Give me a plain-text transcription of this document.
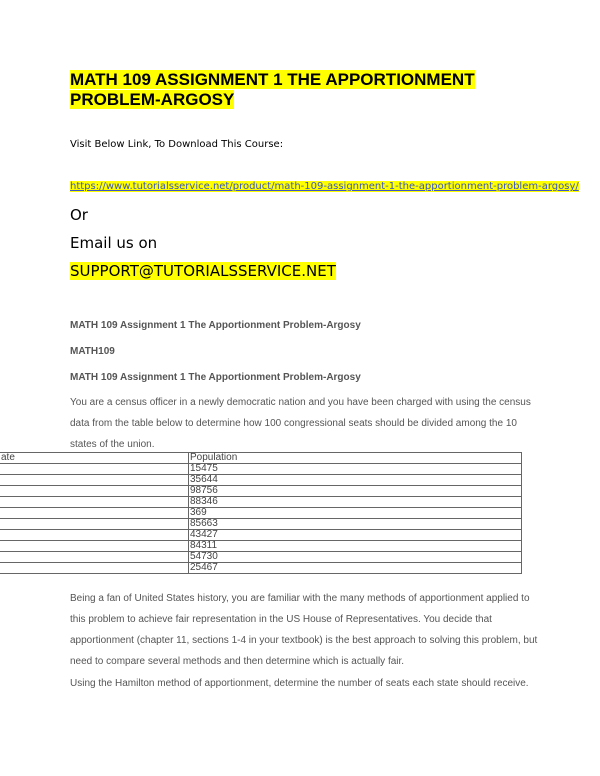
MATH 109 ASSIGNMENT 1 THE APPORTIONMENT PROBLEM-ARGOSY
Visit Below Link, To Download This Course:
https://www.tutorialsservice.net/product/math-109-assignment-1-the-apportionment-problem-argosy/
Or
Email us on
SUPPORT@TUTORIALSSERVICE.NET
MATH 109 Assignment 1 The Apportionment Problem-Argosy
MATH109
MATH 109 Assignment 1 The Apportionment Problem-Argosy

You are a census officer in a newly democratic nation and you have been charged with using the census data from the table below to determine how 100 congressional seats should be divided among the 10 states of the union.

ate	Population
	15475
	35644
	98756
	88346
	369
	85663
	43427
	84311
	54730
	25467

Being a fan of United States history, you are familiar with the many methods of apportionment applied to this problem to achieve fair representation in the US House of Representatives. You decide that apportionment (chapter 11, sections 1-4 in your textbook) is the best approach to solving this problem, but need to compare several methods and then determine which is actually fair.

Using the Hamilton method of apportionment, determine the number of seats each state should receive.
